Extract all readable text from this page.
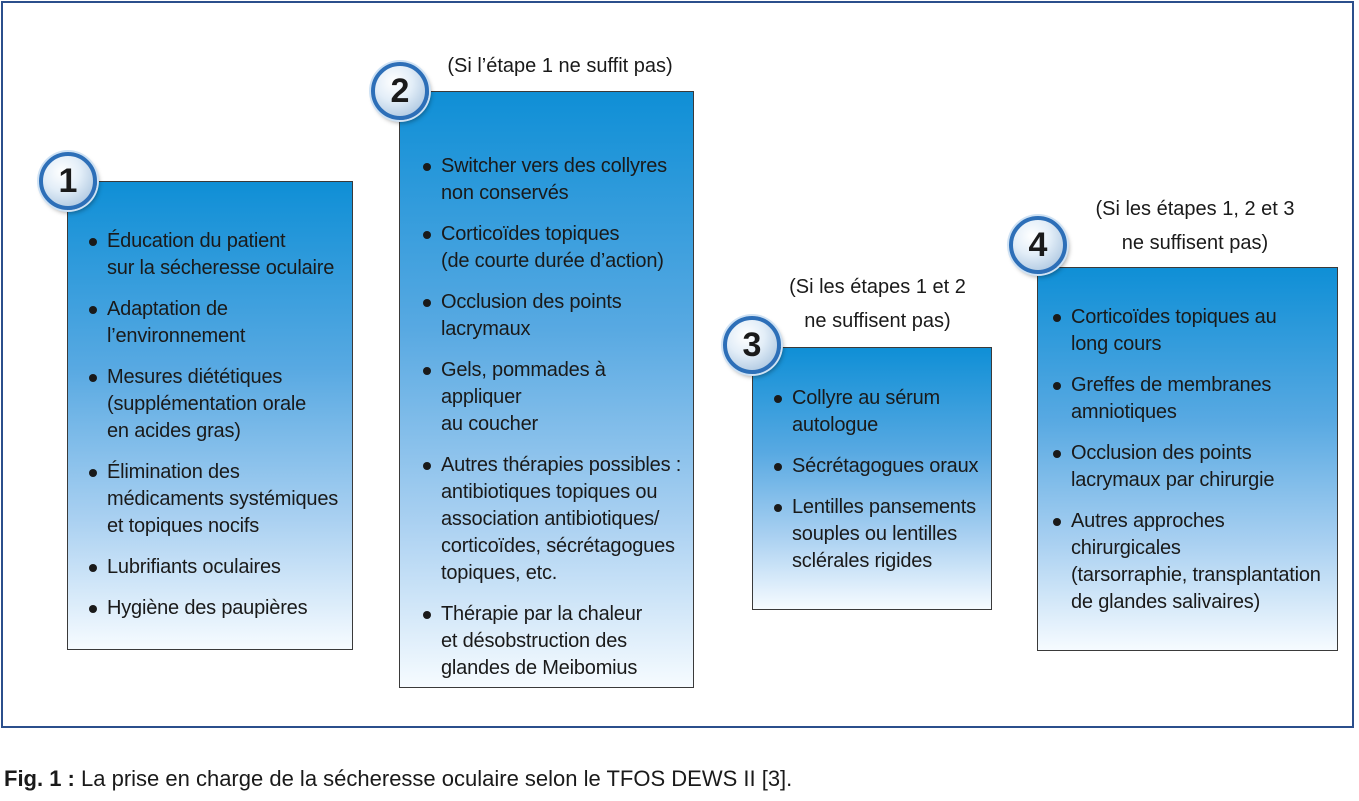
Éducation du patient
sur la sécheresse oculaire
Adaptation de
l’environnement
Mesures diététiques
(supplémentation orale
en acides gras)
Élimination des
médicaments systémiques
et topiques nocifs
Lubrifiants oculaires
Hygiène des paupières
1
(Si l’étape 1 ne suffit pas)
Switcher vers des collyres
non conservés
Corticoïdes topiques
(de courte durée d’action)
Occlusion des points
lacrymaux
Gels, pommades à appliquer
au coucher
Autres thérapies possibles :
antibiotiques topiques ou
association antibiotiques/
corticoïdes, sécrétagogues
topiques, etc.
Thérapie par la chaleur
et désobstruction des
glandes de Meibomius
2
(Si les étapes 1 et 2
ne suffisent pas)
Collyre au sérum
autologue
Sécrétagogues oraux
Lentilles pansements
souples ou lentilles
sclérales rigides
3
(Si les étapes 1, 2 et 3
ne suffisent pas)
Corticoïdes topiques au
long cours
Greffes de membranes
amniotiques
Occlusion des points
lacrymaux par chirurgie
Autres approches
chirurgicales
(tarsorraphie, transplantation
de glandes salivaires)
4
Fig. 1 : La prise en charge de la sécheresse oculaire selon le TFOS DEWS II [3].
